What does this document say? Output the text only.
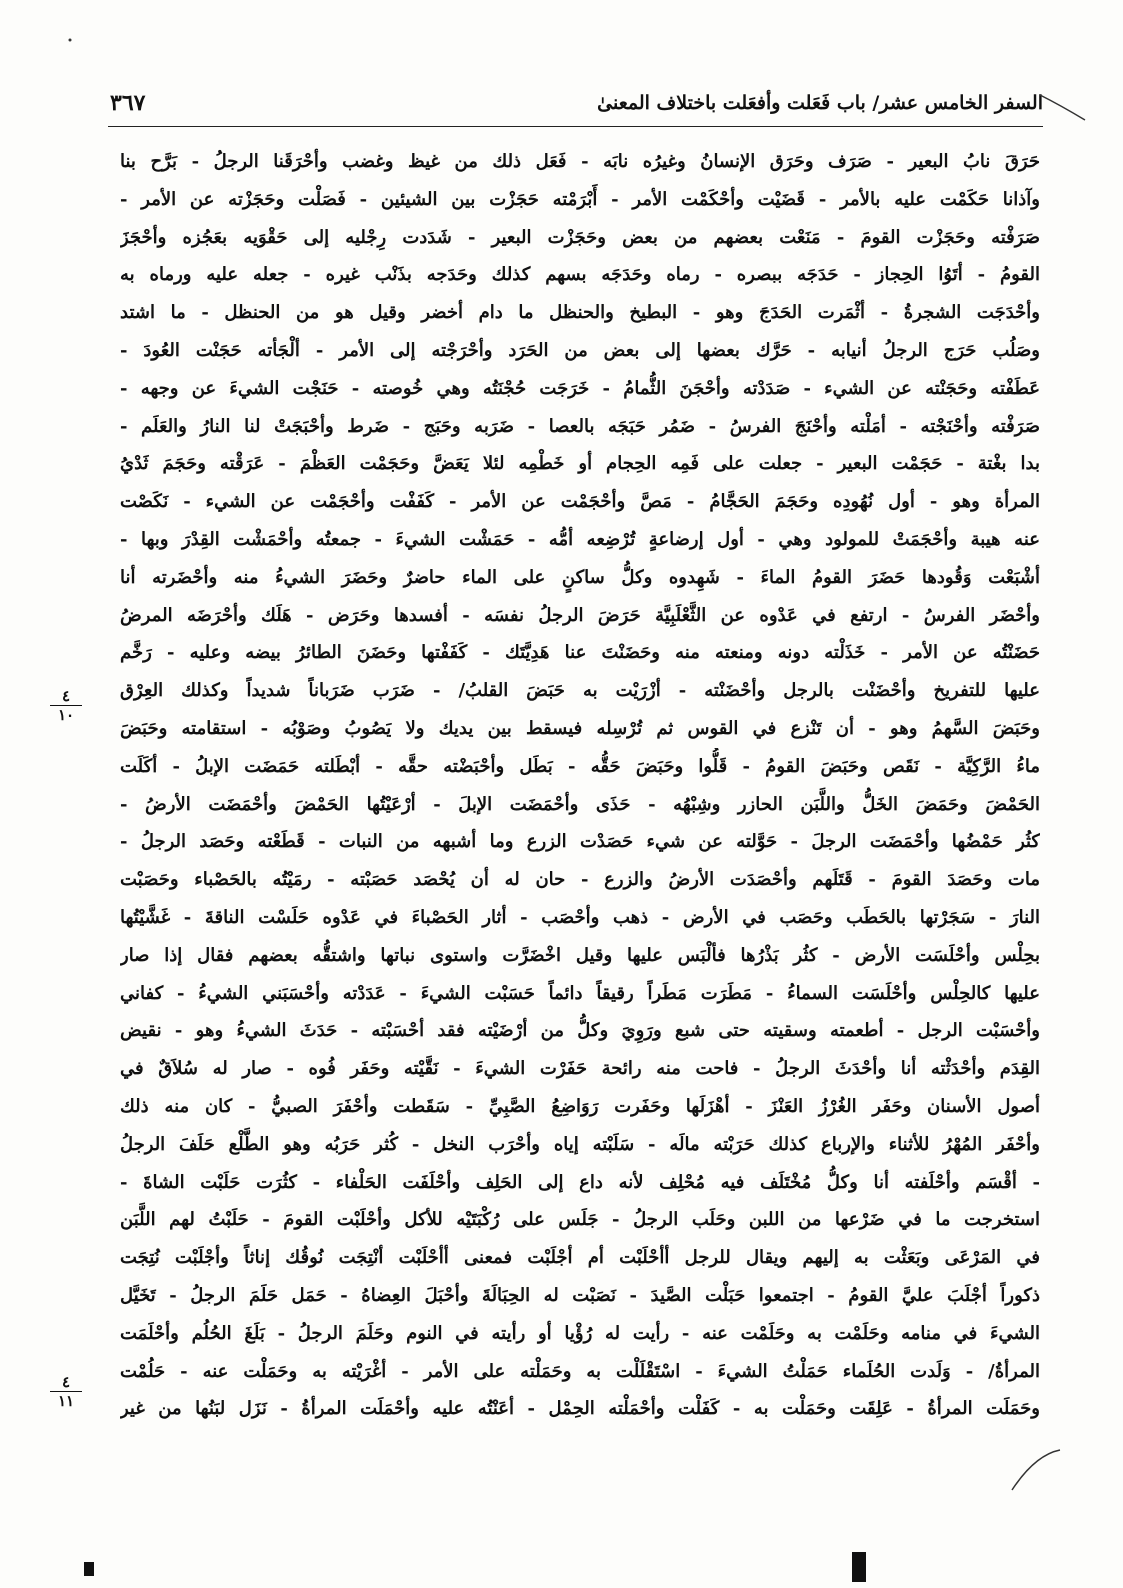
السفر الخامس عشر/ باب فَعَلت وأفعَلت باختلاف المعنىٰ
٣٦٧
حَرَقَ نابُ البعير - صَرَف وحَرَق الإنسانُ وغيرُه نابَه - فَعَل ذلك من غيظ وغضب وأحْرَقَنا الرجلُ - بَرَّح بنا
وآذانا حَكَمْت عليه بالأمر - قَضَيْت وأحْكَمْت الأمر - أَبْرَمْته حَجَزْت بين الشيئين - فَصَلْت وحَجَزْته عن الأمر -
صَرَفْته وحَجَزْت القومَ - مَنَعْت بعضهم من بعض وحَجَزْت البعير - شَدَدت رِجْليه إلى حَقْوَيه بعَجُزه وأحْجَزَ
القومُ - أتَوُا الحِجاز - حَدَجَه ببصره - رماه وحَدَجَه بسهم كذلك وحَدَجه بذَنْب غيره - جعله عليه ورماه به
وأحْدَجَت الشجرةُ - أثْمَرت الحَدَجَ وهو - البطيخ والحنظل ما دام أخضر وقيل هو من الحنظل - ما اشتد
وصَلُب حَرَج الرجلُ أنيابه - حَرَّك بعضها إلى بعض من الحَرَد وأحْرَجْته إلى الأمر - ألْجَأته حَجَنْت العُودَ -
عَطَفْته وحَجَنْته عن الشيء - صَدَدْته وأحْجَنَ الثُّمامُ - خَرَجَت حُجْنَتُه وهي خُوصته - حَنَجْت الشيءَ عن وجهه -
صَرَفْته وأحْنَجْته - أمَلْته وأحْنَجَ الفرسُ - ضَمُر حَبَجَه بالعصا - ضَرَبه وحَبَج - ضَرط وأحْبَجَتْ لنا النارُ والعَلَم -
بدا بغْتة - حَجَمْت البعير - جعلت على فَمِه الحِجام أو خَطْمِه لئلا يَعَضَّ وحَجَمْت العَظْمَ - عَرَقْته وحَجَمَ ثَدْيُ
المرأة وهو - أول نُهُودِه وحَجَمَ الحَجَّامُ - مَصَّ وأحْجَمْت عن الأمر - كَفَفْت وأحْجَمْت عن الشيء - نَكَصْت
عنه هيبة وأحْجَمَتْ للمولود وهي - أول إرضاعةٍ تُرْضِعه أمُّه - حَمَشْت الشيءَ - جمعتُه وأحْمَشْت القِدْرَ وبها -
أشْبَعْت وَقُودها حَضَرَ القومُ الماءَ - شَهِدوه وكلُّ ساكنٍ على الماء حاضرٌ وحَضَرَ الشيءُ منه وأحْضَرته أنا
وأحْضَر الفرسُ - ارتفع في عَدْوه عن الثَّعْلَبِيَّة حَرَضَ الرجلُ نفسَه - أفسدها وحَرَض - هَلَك وأحْرَضَه المرضُ
حَضَنْتُه عن الأمر - خَذَلْته دونه ومنعته منه وحَضَنْتَ عنا هَدِيَّتَك - كَفَفْتها وحَضَنَ الطائرُ بيضه وعليه - رَخَّم
عليها للتفريخ وأحْضَنْت بالرجل وأحْضَنْته - أزْرَيْت به حَبَضَ القلبُ/ - ضَرَب ضَرَباناً شديداً وكذلك العِرْق
وحَبَضَ السَّهمُ وهو - أن تَنْزع في القوس ثم تُرْسِله فيسقط بين يديك ولا يَصُوبُ وصَوْبُه - استقامته وحَبَضَ
ماءُ الرَّكِيَّة - نَقَص وحَبَضَ القومُ - قَلُّوا وحَبَضَ حَقُّه - بَطَل وأحْبَضْته حقَّه - أبْطَلته حَمَضَت الإبلُ - أكَلَت
الحَمْضَ وحَمَضَ الخَلُّ واللَّبَن الحازر وشِبْهُه - حَذَى وأحْمَضَت الإبلَ - أرْعَيْتُها الحَمْضَ وأحْمَضَت الأرضُ -
كثُر حَمْضُها وأحْمَضَت الرجلَ - حَوَّلته عن شيء حَصَدْت الزرع وما أشبهه من النبات - قَطَعْته وحَصَد الرجلُ -
مات وحَصَدَ القومَ - قَتَلَهم وأحْصَدَت الأرضُ والزرع - حان له أن يُحْصَد حَصَبْته - رمَيْتُه بالحَصْباء وحَصَبْت
النارَ - سَجَرْتها بالحَطَب وحَصَب في الأرض - ذهب وأحْصَب - أثار الحَصْباءَ في عَدْوه حَلَسْت الناقةَ - غَشَّيْتُها
بحِلْس وأحْلَسَت الأرض - كثُر بَذْرُها فألْبَس عليها وقيل اخْضَرَّت واستوى نباتها واشتقُّه بعضهم فقال إذا صار
عليها كالحِلْس وأحْلَسَت السماءُ - مَطَرَت مَطَراً رقيقاً دائماً حَسَبْت الشيءَ - عَدَدْته وأحْسَبَني الشيءُ - كفاني
وأحْسَبْت الرجل - أطعمته وسقيته حتى شبع ورَوِيَ وكلُّ من أرْضَيْته فقد أحْسَبْته - حَدَثَ الشيءُ وهو - نقيض
القِدَم وأحْدَثْته أنا وأحْدَثَ الرجلُ - فاحت منه رائحة حَفَرْت الشيءَ - نَقَّيْته وحَفَر فُوه - صار له سُلاَقٌ في
أصول الأسنان وحَفَر الغُرْزُ العَنْزَ - أهْزَلَها وحَفَرت رَوَاضِعُ الصَّبِيِّ - سَقَطت وأحْفَرَ الصبيُّ - كان منه ذلك
وأحْفَر المُهْرُ للأثناء والإرباع كذلك حَرَبْته مالَه - سَلَبْته إياه وأحْرَب النخل - كُثر حَرَبُه وهو الطَّلْع حَلَفَ الرجلُ
- أقْسَم وأحْلَفته أنا وكلُّ مُخْتَلَف فيه مُحْلِف لأنه داع إلى الحَلِف وأحْلَفَت الحَلْفاء - كثُرَت حَلَبْت الشاةَ -
استخرجت ما في ضَرْعها من اللبن وحَلَب الرجلُ - جَلَس على رُكْبَتَيْه للأكل وأحْلَبْت القومَ - حَلَبْتُ لهم اللَّبَن
في المَرْعَى وبَعَثْت به إليهم ويقال للرجل أأحْلَبْت أم أجْلَبْت فمعنى أأحْلَبْت أنْتِجَت نُوقُك إناثاً وأجْلَبْت نُتِجَت
ذكوراً أجْلَبَ عليَّ القومُ - اجتمعوا حَبَلْت الصَّيدَ - نَصَبْت له الحِبَالَةَ وأحْبَلَ العِضاهُ - حَمَل حَلَمَ الرجلُ - تَخَيَّل
الشيءَ في منامه وحَلَمْت به وحَلَمْت عنه - رأيت له رُؤْيا أو رأيته في النوم وحَلَمَ الرجلُ - بَلَغَ الحُلُم وأحْلَمَت
المرأةُ/ - وَلَدت الحُلَماء حَمَلْتُ الشيءَ - اسْتَقْلَلْت به وحَمَلْته على الأمر - أغْرَيْته به وحَمَلْت عنه - حَلُمْت
وحَمَلَت المرأةُ - عَلِقَت وحَمَلْت به - كَفَلْت وأحْمَلْته الحِمْل - أعَنْتُه عليه وأحْمَلَت المرأةُ - نَزَل لبَنُها من غير
٤
١٠
٤
١١
